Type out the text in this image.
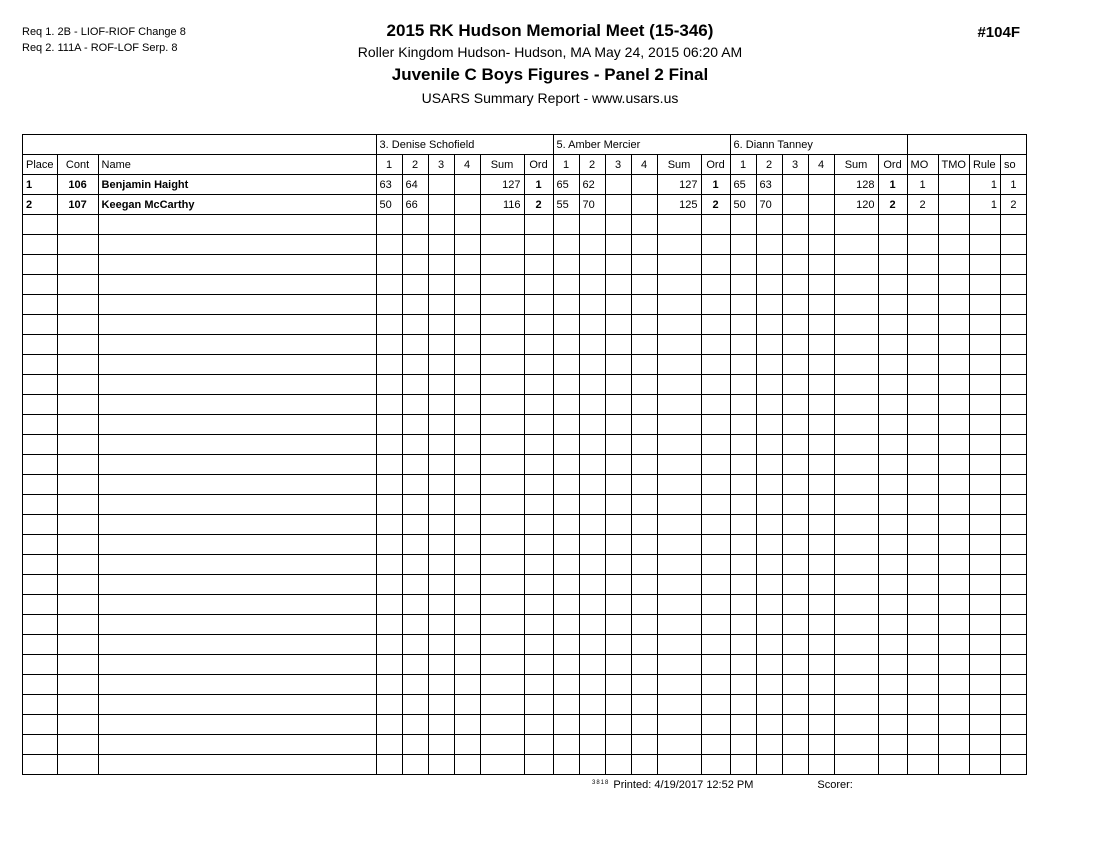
Req 1. 2B - LIOF-RIOF Change 8
Req 2. 111A - ROF-LOF Serp. 8
#104F
2015 RK Hudson Memorial Meet (15-346)
Roller Kingdom Hudson- Hudson, MA May 24, 2015 06:20 AM
Juvenile C Boys Figures - Panel 2 Final
USARS Summary Report - www.usars.us
			3. Denise Schofield						5. Amber Mercier						6. Diann Tanney									
Place	Cont	Name	1	2	3	4	Sum	Ord	1	2	3	4	Sum	Ord	1	2	3	4	Sum	Ord	MO	TMO	Rule	so
1	106	Benjamin Haight	63	64			127	1	65	62			127	1	65	63			128	1	1		1	1
2	107	Keegan McCarthy	50	66			116	2	55	70			125	2	50	70			120	2	2		1	2

3818 Printed: 4/19/2017 12:52 PM	Scorer:
